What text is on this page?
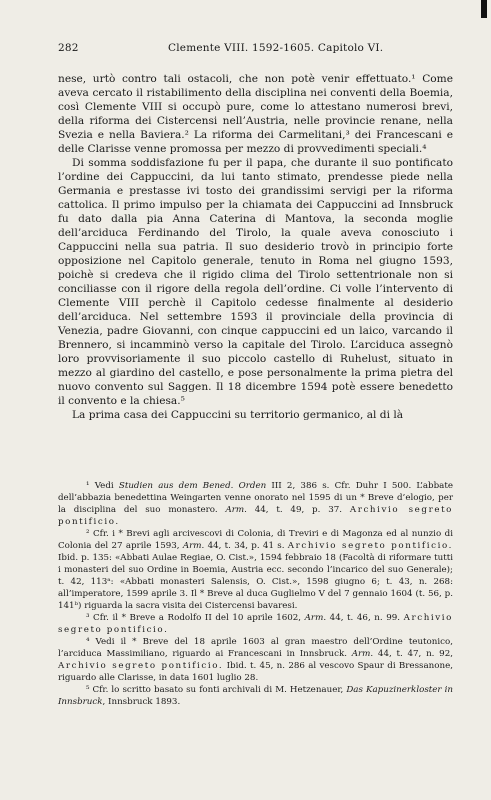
282	Clemente VIII. 1592-1605. Capitolo VI.

nese, urtò contro tali ostacoli, che non potè venir effettuato.¹ Come aveva cercato il ristabilimento della disciplina nei conventi della Boemia, così Clemente VIII si occupò pure, come lo attestano numerosi brevi, della riforma dei Cistercensi nell’Austria, nelle provincie renane, nella Svezia e nella Baviera.² La riforma dei Carmelitani,³ dei Francescani e delle Clarisse venne promossa per mezzo di provvedimenti speciali.⁴

Di somma soddisfazione fu per il papa, che durante il suo pontificato l’ordine dei Cappuccini, da lui tanto stimato, prendesse piede nella Germania e prestasse ivi tosto dei grandissimi servigi per la riforma cattolica. Il primo impulso per la chiamata dei Cappuccini ad Innsbruck fu dato dalla pia Anna Caterina di Mantova, la seconda moglie dell’arciduca Ferdinando del Tirolo, la quale aveva conosciuto i Cappuccini nella sua patria. Il suo desiderio trovò in principio forte opposizione nel Capitolo generale, tenuto in Roma nel giugno 1593, poichè si credeva che il rigido clima del Tirolo settentrionale non si conciliasse con il rigore della regola dell’ordine. Ci volle l’intervento di Clemente VIII perchè il Capitolo cedesse finalmente al desiderio dell’arciduca. Nel settembre 1593 il provinciale della provincia di Venezia, padre Giovanni, con cinque cappuccini ed un laico, varcando il Brennero, si incamminò verso la capitale del Tirolo. L’arciduca assegnò loro provvisoriamente il suo piccolo castello di Ruhelust, situato in mezzo al giardino del castello, e pose personalmente la prima pietra del nuovo convento sul Saggen. Il 18 dicembre 1594 potè essere benedetto il convento e la chiesa.⁵

La prima casa dei Cappuccini su territorio germanico, al di là

¹ Vedi Studien aus dem Bened. Orden III 2, 386 s. Cfr. Duhr I 500. L’abbate dell’abbazia benedettina Weingarten venne onorato nel 1595 di un * Breve d’elogio, per la disciplina del suo monastero. Arm. 44, t. 49, p. 37. Archivio segreto pontificio.

² Cfr. i * Brevi agli arcivescovi di Colonia, di Treviri e di Magonza ed al nunzio di Colonia del 27 aprile 1593, Arm. 44, t. 34, p. 41 s. Archivio segreto pontificio. Ibid. p. 135: «Abbati Aulae Regiae, O. Cist.», 1594 febbraio 18 (Facoltà di riformare tutti i monasteri del suo Ordine in Boemia, Austria ecc. secondo l’incarico del suo Generale); t. 42, 113ᵃ: «Abbati monasteri Salensis, O. Cist.», 1598 giugno 6; t. 43, n. 268: all’imperatore, 1599 aprile 3. Il * Breve al duca Guglielmo V del 7 gennaio 1604 (t. 56, p. 141ᵇ) riguarda la sacra visita dei Cistercensi bavaresi.

³ Cfr. il * Breve a Rodolfo II del 10 aprile 1602, Arm. 44, t. 46, n. 99. Archivio segreto pontificio.

⁴ Vedi il * Breve del 18 aprile 1603 al gran maestro dell’Ordine teutonico, l’arciduca Massimiliano, riguardo ai Francescani in Innsbruck. Arm. 44, t. 47, n. 92, Archivio segreto pontificio. Ibid. t. 45, n. 286 al vescovo Spaur di Bressanone, riguardo alle Clarisse, in data 1601 luglio 28.

⁵ Cfr. lo scritto basato su fonti archivali di M. Hetzenauer, Das Kapuzinerkloster in Innsbruck, Innsbruck 1893.
